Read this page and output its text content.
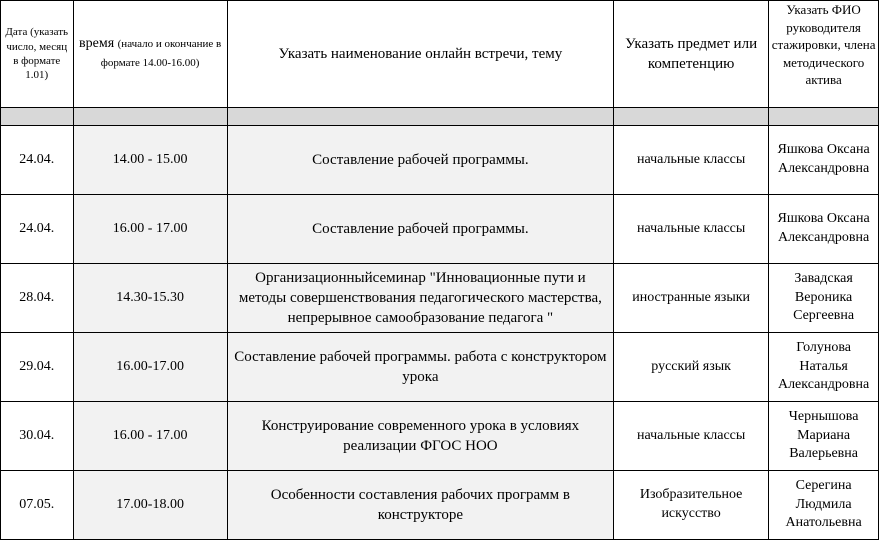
Дата (указать число, месяц в формате 1.01)	время (начало и окончание в формате 14.00-16.00)	Указать наименование онлайн встречи, тему	Указать предмет или компетенцию	Указать ФИО руководителя стажировки, члена методического актива

24.04.	14.00 - 15.00	Составление рабочей программы.	начальные классы	Яшкова Оксана Александровна
24.04.	16.00 - 17.00	Составление рабочей программы.	начальные классы	Яшкова Оксана Александровна
28.04.	14.30-15.30	Организационныйсеминар "Инновационные пути и методы совершенствования педагогического мастерства, непрерывное самообразование педагога "	иностранные языки	Завадская Вероника Сергеевна
29.04.	16.00-17.00	Составление рабочей программы. работа с конструктором урока	русский язык	Голунова Наталья Александровна
30.04.	16.00 - 17.00	Конструирование современного урока в условиях реализации ФГОС НОО	начальные классы	Чернышова Мариана Валерьевна
07.05.	17.00-18.00	Особенности составления рабочих программ в конструкторе	Изобразительное искусство	Серегина Людмила Анатольевна
